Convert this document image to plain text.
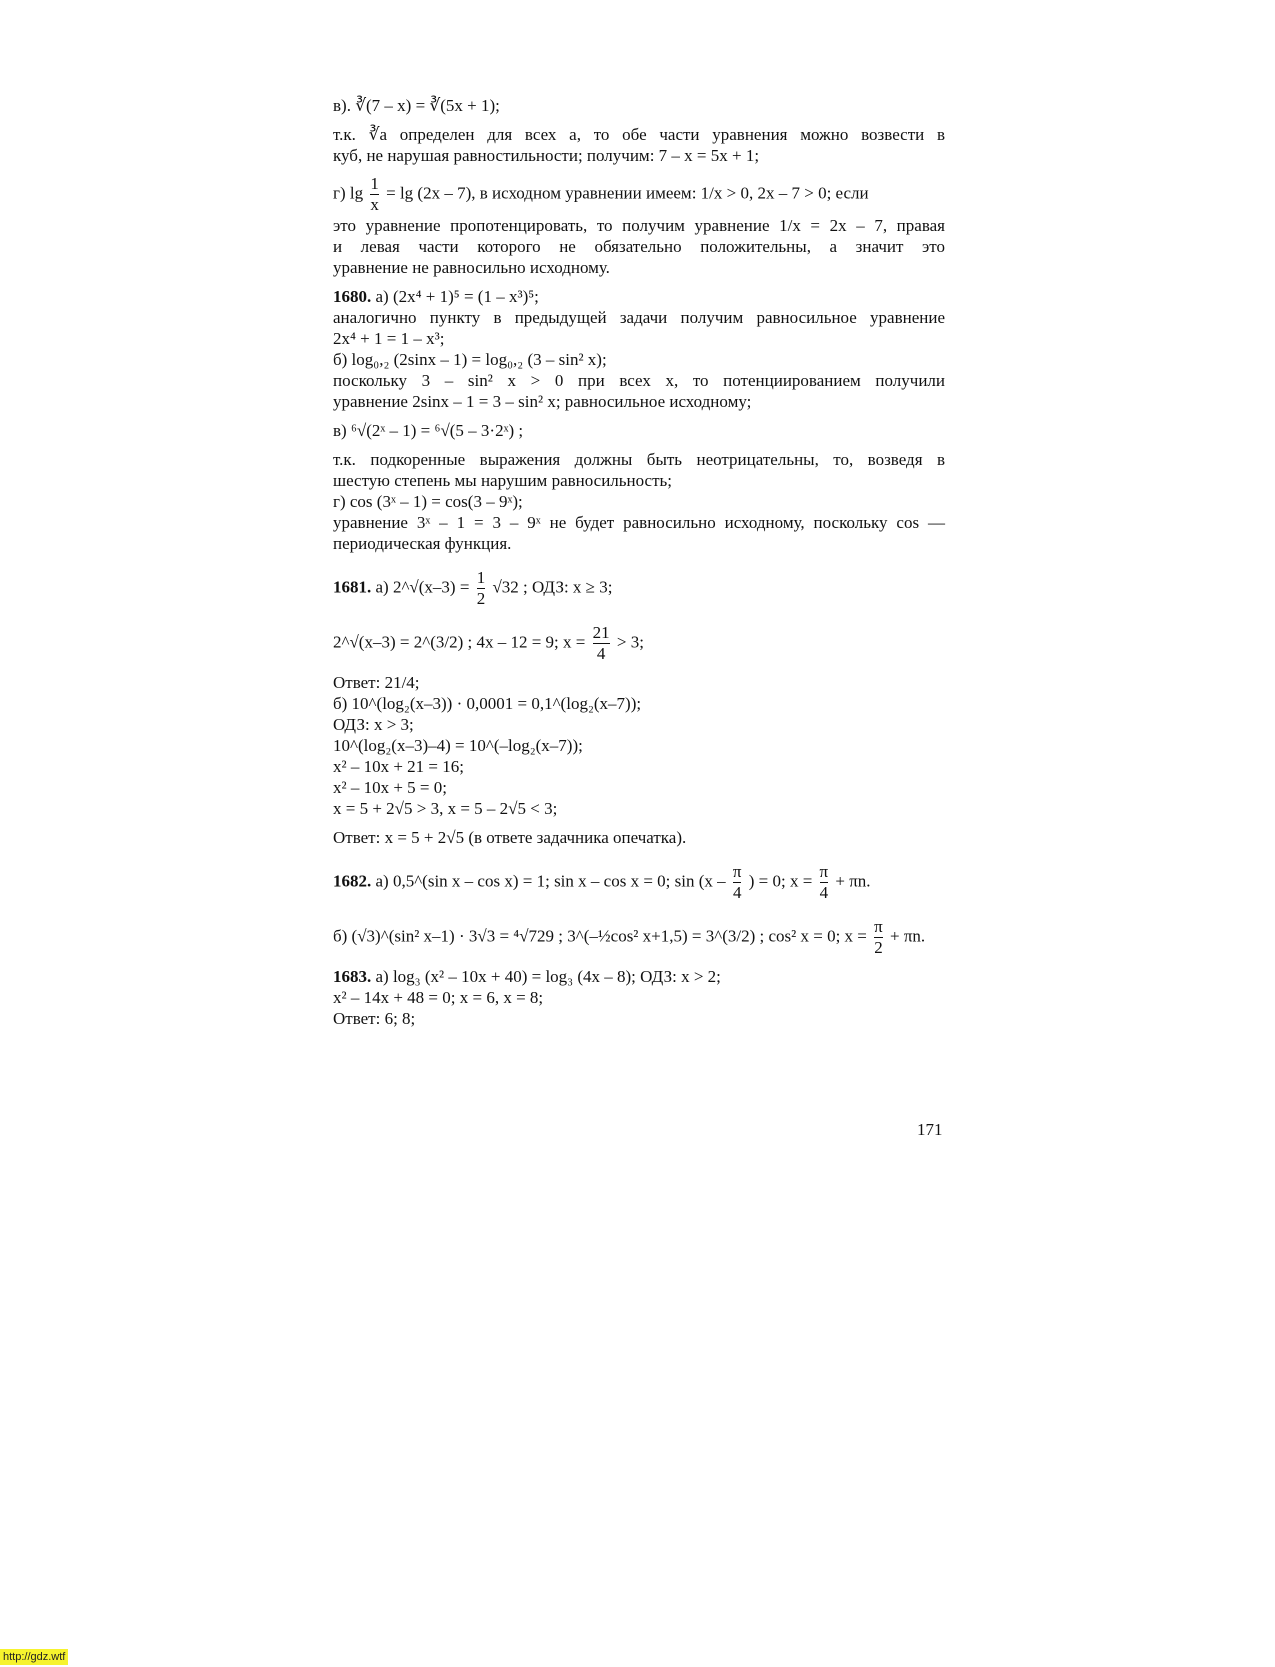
в). ∛(7 – x) = ∛(5x + 1);
т.к. ∛a определен для всех а, то обе части уравнения можно возвести в
куб, не нарушая равностильности; получим: 7 – x = 5x + 1;
г) $\lg \frac{1}{x} = \lg (2x - 7)$, в исходном уравнении имеем: 1/x > 0, 2x – 7 > 0; если
это уравнение пропотенцировать, то получим уравнение 1/x = 2x – 7, правая
и левая части которого не обязательно положительны, а значит это
уравнение не равносильно исходному.
1680. а) (2x⁴ + 1)⁵ = (1 – x³)⁵;
аналогично пункту в предыдущей задачи получим равносильное уравнение
2x⁴ + 1 = 1 – x³;
б) log₀,₂ (2sinx – 1) = log₀,₂ (3 – sin² x);
поскольку 3 – sin² x > 0 при всех x, то потенциированием получили
уравнение 2sinx – 1 = 3 – sin² x; равносильное исходному;
в) ⁶√(2ˣ – 1) = ⁶√(5 – 3·2ˣ) ;
т.к. подкоренные выражения должны быть неотрицательны, то, возведя в
шестую степень мы нарушим равносильность;
г) cos (3ˣ – 1) = cos(3 – 9ˣ);
уравнение 3ˣ – 1 = 3 – 9ˣ не будет равносильно исходному, поскольку cos —
периодическая функция.
1681. а) 2^√(x–3) = $\frac{1}{2} √32$ ; ОДЗ: x ≥ 3;
2^√(x–3) = 2^(3/2) ; 4x – 12 = 9; $x = \frac{21}{4} > 3$;
Ответ: 21/4;
б) 10^(log₂(x–3)) · 0,0001 = 0,1^(log₂(x–7));
ОДЗ: x > 3;
10^(log₂(x–3)–4) = 10^(–log₂(x–7));
x² – 10x + 21 = 16;
x² – 10x + 5 = 0;
x = 5 + 2√5 > 3, x = 5 – 2√5 < 3;
Ответ: x = 5 + 2√5 (в ответе задачника опечатка).
1682. а) 0,5^(sin x – cos x) = 1; sin x – cos x = 0; $\sin (x - \frac{\pi}{4}$ ) = 0; $x = \frac{\pi}{4} + \pi n$.
б) (√3)^(sin² x–1) · 3√3 = ⁴√729 ; 3^(–½cos² x+1,5) = 3^(3/2) ; cos² x = 0; $x = \frac{\pi}{2} + \pi n$.
1683. а) log₃ (x² – 10x + 40) = log₃ (4x – 8); ОДЗ: x > 2;
x² – 14x + 48 = 0; x = 6, x = 8;
Ответ: 6; 8;
171
http://gdz.wtf
